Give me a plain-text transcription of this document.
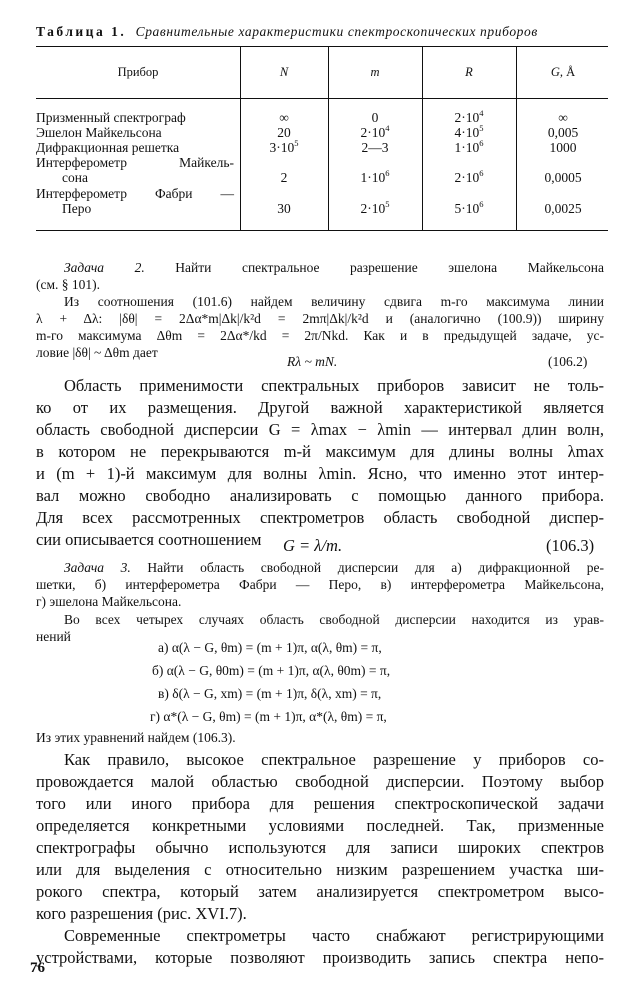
Таблица 1. Сравнительные характеристики спектроскопических приборов
Прибор	N	m	R	G, Å
Призменный спектрограф	∞	0	$2\cdot 10^4$	∞
Эшелон Майкельсона	20	$2\cdot 10^4$	$4\cdot 10^5$	0,005
Дифракционная решетка	$3\cdot 10^5$	2—3	$1\cdot 10^6$	1000
Интерферометр Майкель-
сона	2	$1\cdot 10^6$	$2\cdot 10^6$	0,0005
Интерферометр Фабри —
Перо	30	$2\cdot 10^5$	$5\cdot 10^6$	0,0025
Задача 2. Найти спектральное разрешение эшелона Майкельсона
(см. § 101).
Из соотношения (101.6) найдем величину сдвига m-го максимума линии
λ + Δλ: |δθ| = 2Δα*m|Δk|/k²d = 2mπ|Δk|/k²d и (аналогично (100.9)) ширину
m-го максимума Δθm = 2Δα*/kd = 2π/Nkd. Как и в предыдущей задаче, ус-
ловие |δθ| ~ Δθm дает
Rλ ~ mN.	(106.2)
Область применимости спектральных приборов зависит не толь-
ко от их размещения. Другой важной характеристикой является
область свободной дисперсии G = λmax − λmin — интервал длин волн,
в котором не перекрываются m-й максимум для длины волны λmax
и (m + 1)-й максимум для волны λmin. Ясно, что именно этот интер-
вал можно свободно анализировать с помощью данного прибора.
Для всех рассмотренных спектрометров область свободной диспер-
сии описывается соотношением G = λ/m.	(106.3)
Задача 3. Найти область свободной дисперсии для а) дифракционной ре-
шетки, б) интерферометра Фабри — Перо, в) интерферометра Майкельсона,
г) эшелона Майкельсона.
Во всех четырех случаях область свободной дисперсии находится из урав-
нений
а) α(λ − G, θm) = (m + 1)π, α(λ, θm) = π,
б) α(λ − G, θ0m) = (m + 1)π, α(λ, θ0m) = π,
в) δ(λ − G, xm) = (m + 1)π, δ(λ, xm) = π,
г) α*(λ − G, θm) = (m + 1)π, α*(λ, θm) = π,
Из этих уравнений найдем (106.3).
Как правило, высокое спектральное разрешение у приборов со-
провождается малой областью свободной дисперсии. Поэтому выбор
того или иного прибора для решения спектроскопической задачи
определяется конкретными условиями последней. Так, призменные
спектрографы обычно используются для записи широких спектров
или для выделения с относительно низким разрешением участка ши-
рокого спектра, который затем анализируется спектрометром высо-
кого разрешения (рис. XVI.7).
Современные спектрометры часто снабжают регистрирующими
устройствами, которые позволяют производить запись спектра непо-
76
